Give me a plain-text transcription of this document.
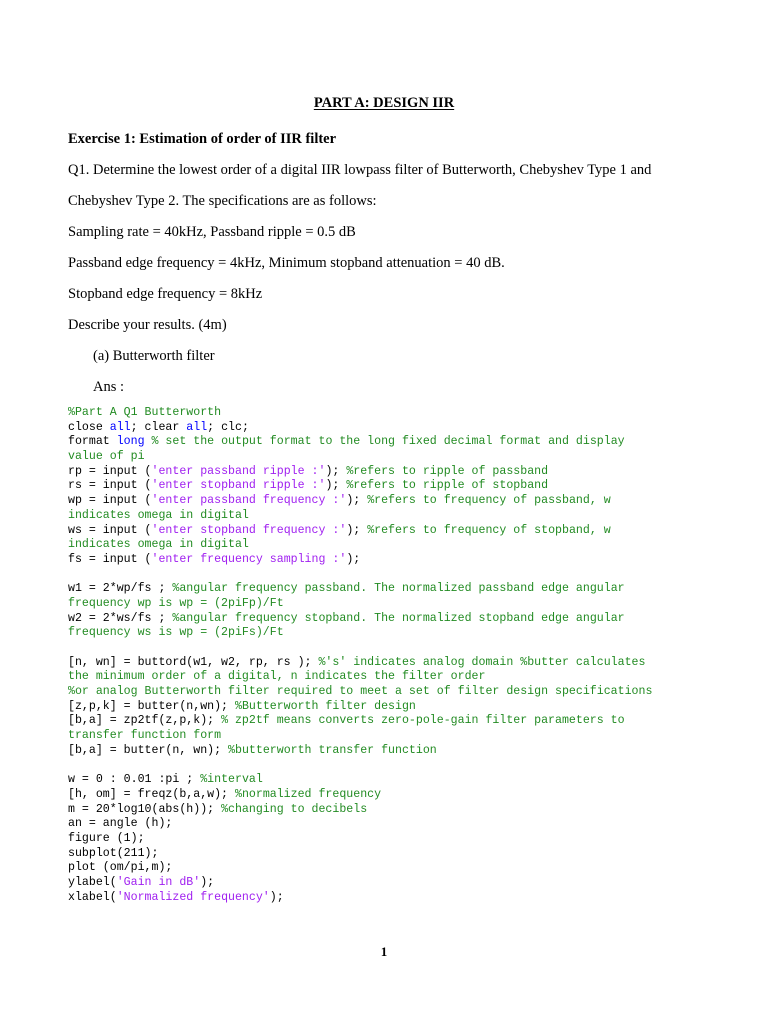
PART A: DESIGN IIR
Exercise 1: Estimation of order of IIR filter
Q1. Determine the lowest order of a digital IIR lowpass filter of Butterworth, Chebyshev Type 1 and
Chebyshev Type 2. The specifications are as follows:
Sampling rate = 40kHz, Passband ripple = 0.5 dB
Passband edge frequency = 4kHz, Minimum stopband attenuation = 40 dB.
Stopband edge frequency = 8kHz
Describe your results. (4m)
(a) Butterworth filter
Ans :
%Part A Q1 Butterworth
close all; clear all; clc;
format long % set the output format to the long fixed decimal format and display
value of pi
rp = input ('enter passband ripple :'); %refers to ripple of passband
rs = input ('enter stopband ripple :'); %refers to ripple of stopband
wp = input ('enter passband frequency :'); %refers to frequency of passband, w
indicates omega in digital
ws = input ('enter stopband frequency :'); %refers to frequency of stopband, w
indicates omega in digital
fs = input ('enter frequency sampling :');
w1 = 2*wp/fs ; %angular frequency passband. The normalized passband edge angular
frequency wp is wp = (2piFp)/Ft
w2 = 2*ws/fs ; %angular frequency stopband. The normalized stopband edge angular
frequency ws is wp = (2piFs)/Ft
[n, wn] = buttord(w1, w2, rp, rs ); %'s' indicates analog domain %butter calculates
the minimum order of a digital, n indicates the filter order
%or analog Butterworth filter required to meet a set of filter design specifications
[z,p,k] = butter(n,wn); %Butterworth filter design
[b,a] = zp2tf(z,p,k); % zp2tf means converts zero-pole-gain filter parameters to
transfer function form
[b,a] = butter(n, wn); %butterworth transfer function
w = 0 : 0.01 :pi ; %interval
[h, om] = freqz(b,a,w); %normalized frequency
m = 20*log10(abs(h)); %changing to decibels
an = angle (h);
figure (1);
subplot(211);
plot (om/pi,m);
ylabel('Gain in dB');
xlabel('Normalized frequency');
1
